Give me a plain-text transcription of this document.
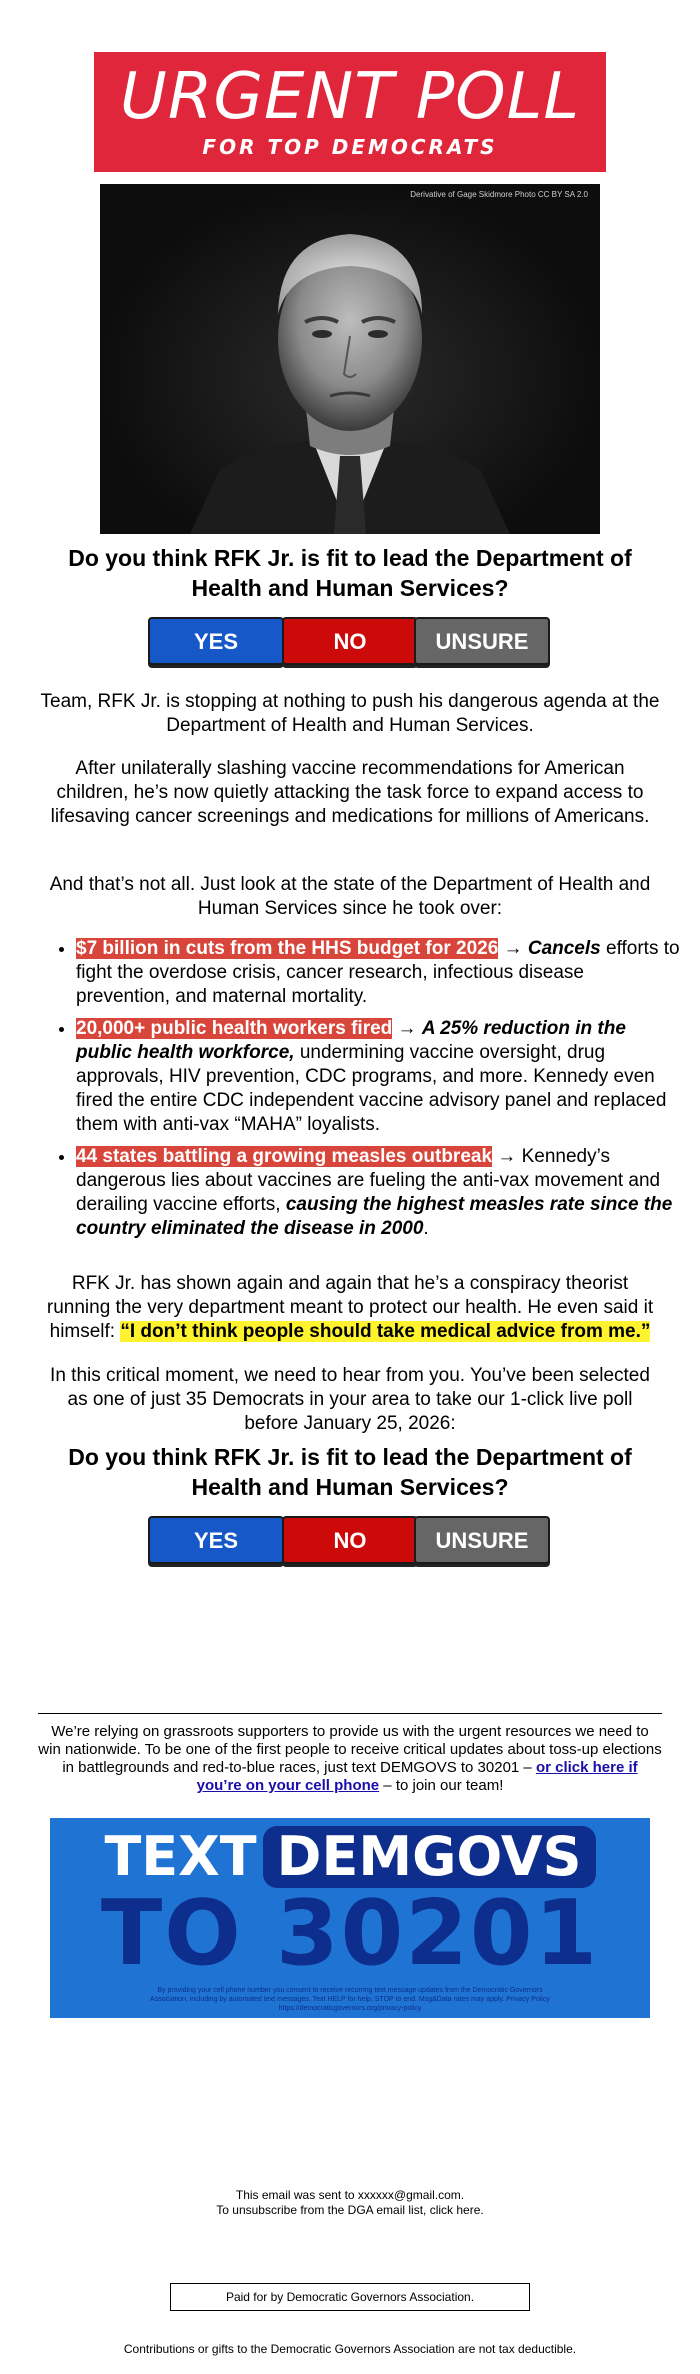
URGENT POLL
FOR TOP DEMOCRATS
Derivative of Gage Skidmore Photo CC BY SA 2.0
Do you think RFK Jr. is fit to lead the Department of Health and Human Services?
YES	NO	UNSURE
Team, RFK Jr. is stopping at nothing to push his dangerous agenda at the Department of Health and Human Services.
After unilaterally slashing vaccine recommendations for American children, he’s now quietly attacking the task force to expand access to lifesaving cancer screenings and medications for millions of Americans.
And that’s not all. Just look at the state of the Department of Health and Human Services since he took over:
• $7 billion in cuts from the HHS budget for 2026 → Cancels efforts to fight the overdose crisis, cancer research, infectious disease prevention, and maternal mortality.
• 20,000+ public health workers fired → A 25% reduction in the public health workforce, undermining vaccine oversight, drug approvals, HIV prevention, CDC programs, and more. Kennedy even fired the entire CDC independent vaccine advisory panel and replaced them with anti-vax “MAHA” loyalists.
• 44 states battling a growing measles outbreak → Kennedy’s dangerous lies about vaccines are fueling the anti-vax movement and derailing vaccine efforts, causing the highest measles rate since the country eliminated the disease in 2000.
RFK Jr. has shown again and again that he’s a conspiracy theorist running the very department meant to protect our health. He even said it himself: “I don’t think people should take medical advice from me.”
In this critical moment, we need to hear from you. You’ve been selected as one of just 35 Democrats in your area to take our 1-click live poll before January 25, 2026:
Do you think RFK Jr. is fit to lead the Department of Health and Human Services?
YES	NO	UNSURE
We’re relying on grassroots supporters to provide us with the urgent resources we need to win nationwide. To be one of the first people to receive critical updates about toss-up elections in battlegrounds and red-to-blue races, just text DEMGOVS to 30201 – or click here if you’re on your cell phone – to join our team!
TEXT DEMGOVS
TO 30201
By providing your cell phone number you consent to receive recurring text message updates from the Democratic Governors Association, including by automated text messages. Text HELP for help, STOP to end. Msg&Data rates may apply. Privacy Policy https://democraticgovernors.org/privacy-policy
This email was sent to xxxxxx@gmail.com.
To unsubscribe from the DGA email list, click here.
Paid for by Democratic Governors Association.
Contributions or gifts to the Democratic Governors Association are not tax deductible.
